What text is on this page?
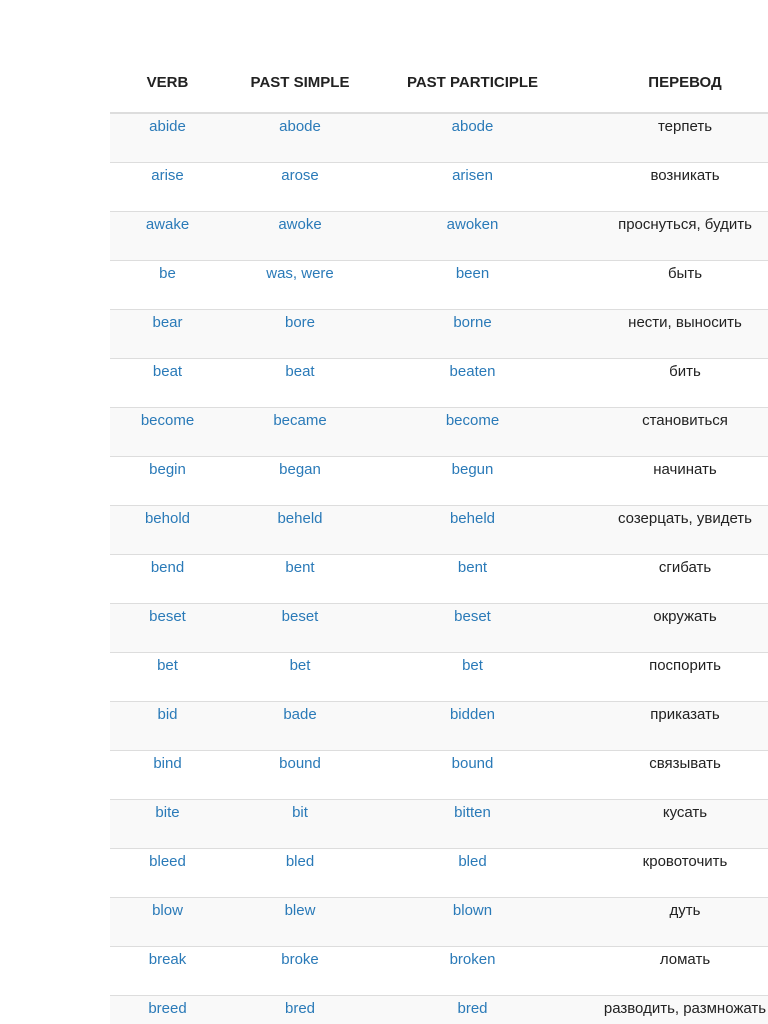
VERB	PAST SIMPLE	PAST PARTICIPLE	ПЕРЕВОД
abide	abode	abode	терпеть
arise	arose	arisen	возникать
awake	awoke	awoken	проснуться, будить
be	was, were	been	быть
bear	bore	borne	нести, выносить
beat	beat	beaten	бить
become	became	become	становиться
begin	began	begun	начинать
behold	beheld	beheld	созерцать, увидеть
bend	bent	bent	сгибать
beset	beset	beset	окружать
bet	bet	bet	поспорить
bid	bade	bidden	приказать
bind	bound	bound	связывать
bite	bit	bitten	кусать
bleed	bled	bled	кровоточить
blow	blew	blown	дуть
break	broke	broken	ломать
breed	bred	bred	разводить, размножать
